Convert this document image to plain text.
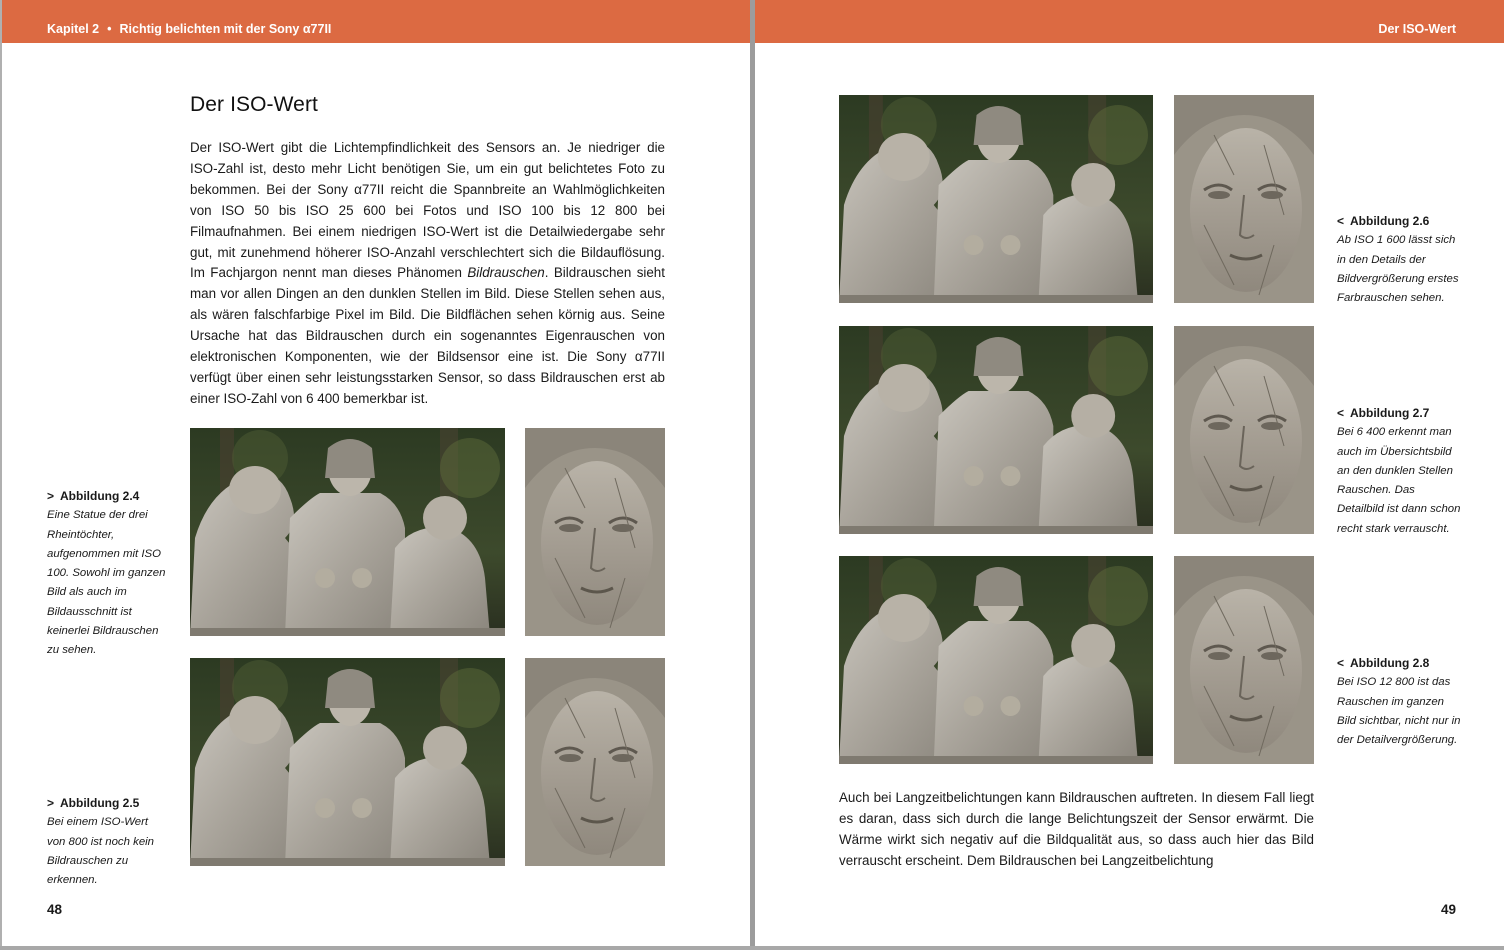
Kapitel 2 • Richtig belichten mit der Sony α77II
Der ISO-Wert

Der ISO-Wert gibt die Lichtempfindlichkeit des Sensors an. Je niedriger die ISO-Zahl ist, desto mehr Licht benötigen Sie, um ein gut belichtetes Foto zu bekommen. Bei der Sony α77II reicht die Spannbreite an Wahlmöglichkeiten von ISO 50 bis ISO 25 600 bei Fotos und ISO 100 bis 12 800 bei Filmaufnahmen. Bei einem niedrigen ISO-Wert ist die Detailwiedergabe sehr gut, mit zunehmend höherer ISO-Anzahl verschlechtert sich die Bildauflösung. Im Fachjargon nennt man dieses Phänomen Bildrauschen. Bildrauschen sieht man vor allen Dingen an den dunklen Stellen im Bild. Diese Stellen sehen aus, als wären falschfarbige Pixel im Bild. Die Bildflächen sehen körnig aus. Seine Ursache hat das Bildrauschen durch ein sogenanntes Eigenrauschen von elektronischen Komponenten, wie der Bildsensor eine ist. Die Sony α77II verfügt über einen sehr leistungsstarken Sensor, so dass Bildrauschen erst ab einer ISO-Zahl von 6 400 bemerkbar ist.

> Abbildung 2.4
Eine Statue der drei Rheintöchter, aufgenommen mit ISO 100. Sowohl im ganzen Bild als auch im Bildausschnitt ist keinerlei Bildrauschen zu sehen.
> Abbildung 2.5
Bei einem ISO-Wert von 800 ist noch kein Bildrauschen zu erkennen.
48
Der ISO-Wert
< Abbildung 2.6
Ab ISO 1 600 lässt sich in den Details der Bildvergrößerung erstes Farbrauschen sehen.
< Abbildung 2.7
Bei 6 400 erkennt man auch im Übersichtsbild an den dunklen Stellen Rauschen. Das Detailbild ist dann schon recht stark verrauscht.
< Abbildung 2.8
Bei ISO 12 800 ist das Rauschen im ganzen Bild sichtbar, nicht nur in der Detailvergrößerung.

Auch bei Langzeitbelichtungen kann Bildrauschen auftreten. In diesem Fall liegt es daran, dass sich durch die lange Belichtungszeit der Sensor erwärmt. Die Wärme wirkt sich negativ auf die Bildqualität aus, so dass auch hier das Bild verrauscht erscheint. Dem Bildrauschen bei Langzeitbelichtung

49
